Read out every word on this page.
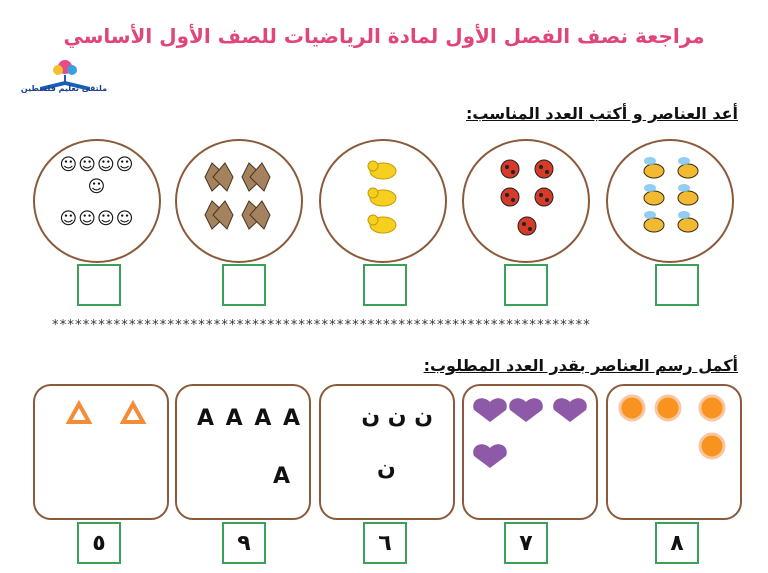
مراجعة نصف الفصل الأول لمادة الرياضيات للصف الأول الأساسي
ملتقى تعليم فلسطين
أعد العناصر و أكتب العدد المناسب:
☺☺☺☺
☺
☺☺☺☺
**********************************************************************
أكمل رسم العناصر بقدر العدد المطلوب:
A A A A
A
ن ن ن
ن
٥	٩	٦	٧	٨
